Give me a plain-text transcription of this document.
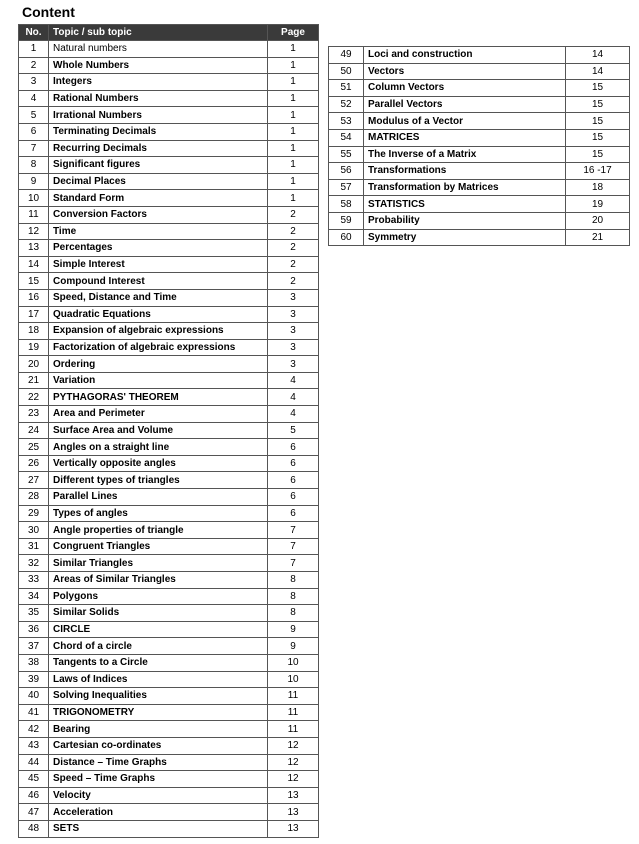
Content
No.	Topic / sub topic	Page
1	Natural numbers	1
2	Whole Numbers	1
3	Integers	1
4	Rational Numbers	1
5	Irrational Numbers	1
6	Terminating Decimals	1
7	Recurring Decimals	1
8	Significant figures	1
9	Decimal Places	1
10	Standard Form	1
11	Conversion Factors	2
12	Time	2
13	Percentages	2
14	Simple Interest	2
15	Compound Interest	2
16	Speed, Distance and Time	3
17	Quadratic Equations	3
18	Expansion of algebraic expressions	3
19	Factorization of algebraic expressions	3
20	Ordering	3
21	Variation	4
22	PYTHAGORAS' THEOREM	4
23	Area and Perimeter	4
24	Surface Area and Volume	5
25	Angles on a straight line	6
26	Vertically opposite angles	6
27	Different types of triangles	6
28	Parallel Lines	6
29	Types of angles	6
30	Angle properties of triangle	7
31	Congruent Triangles	7
32	Similar Triangles	7
33	Areas of Similar Triangles	8
34	Polygons	8
35	Similar Solids	8
36	CIRCLE	9
37	Chord of a circle	9
38	Tangents to a Circle	10
39	Laws of Indices	10
40	Solving Inequalities	11
41	TRIGONOMETRY	11
42	Bearing	11
43	Cartesian co-ordinates	12
44	Distance – Time Graphs	12
45	Speed – Time Graphs	12
46	Velocity	13
47	Acceleration	13
48	SETS	13
49	Loci and construction	14
50	Vectors	14
51	Column Vectors	15
52	Parallel Vectors	15
53	Modulus of a Vector	15
54	MATRICES	15
55	The Inverse of a Matrix	15
56	Transformations	16 -17
57	Transformation by Matrices	18
58	STATISTICS	19
59	Probability	20
60	Symmetry	21
